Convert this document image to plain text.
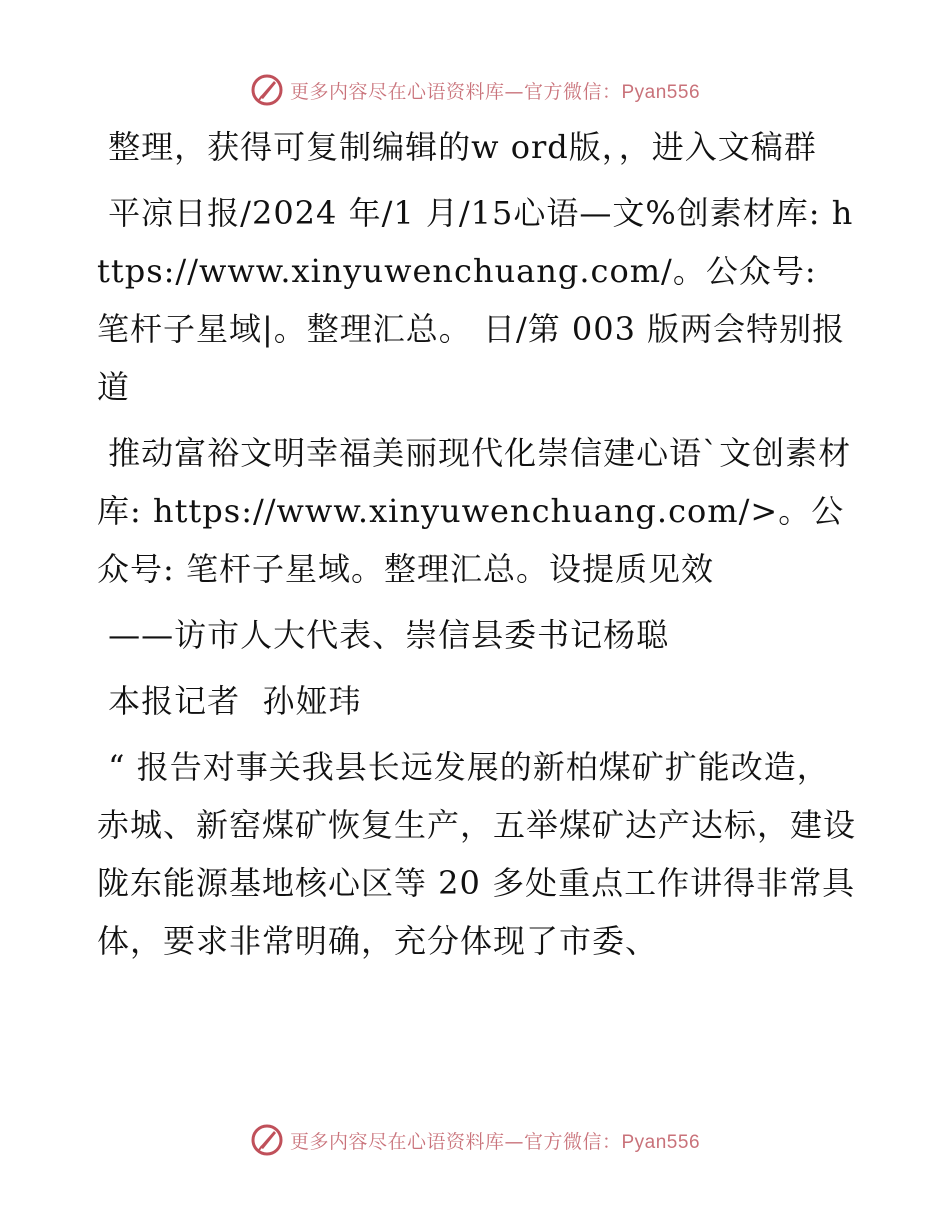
更多内容尽在心语资料库—官方微信：Pyan556

整理，获得可复制编辑的w ord版，，进入文稿群

平凉日报/2024 年/1 月/15心语—文%创素材库: https://www.xinyuwenchuang.com/。公众号: 笔杆子星域|。整理汇总。 日/第 003 版两会特别报道

推动富裕文明幸福美丽现代化崇信建心语ˋ文创素材库: https://www.xinyuwenchuang.com/>。公众号: 笔杆子星域。整理汇总。设提质见效

——访市人大代表、崇信县委书记杨聪

本报记者  孙娅玮

“ 报告对事关我县长远发展的新柏煤矿扩能改造，赤城、新窑煤矿恢复生产，五举煤矿达产达标，建设陇东能源基地核心区等 20 多处重点工作讲得非常具体，要求非常明确，充分体现了市委、

更多内容尽在心语资料库—官方微信：Pyan556
